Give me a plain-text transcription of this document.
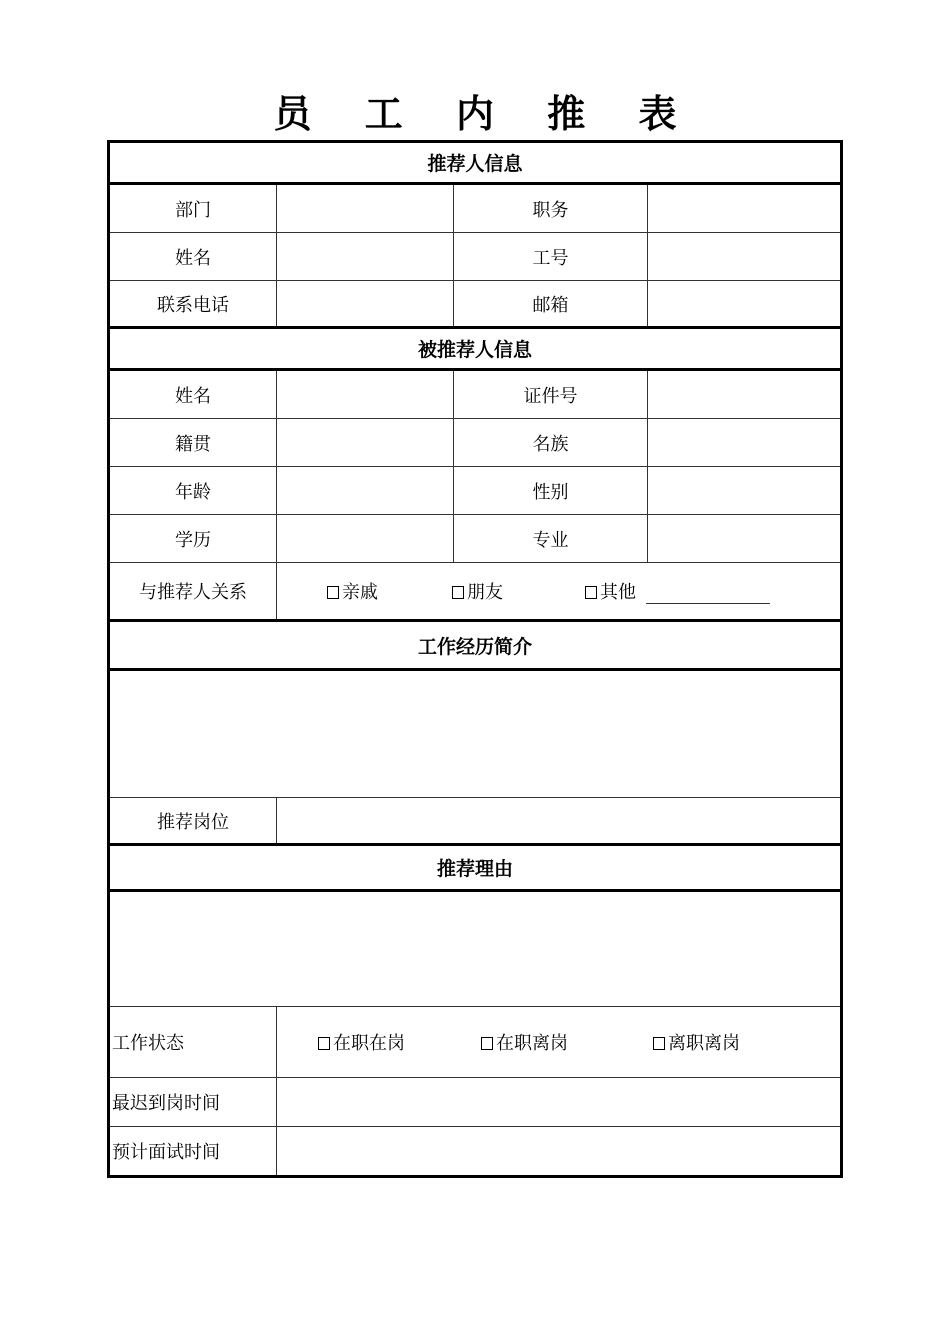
员 工 内 推 表
推荐人信息
部门	职务
姓名	工号
联系电话	邮箱
被推荐人信息
姓名	证件号
籍贯	名族
年龄	性别
学历	专业
与推荐人关系	亲戚	朋友	其他
工作经历简介
推荐岗位
推荐理由
工作状态	在职在岗	在职离岗	离职离岗
最迟到岗时间
预计面试时间
